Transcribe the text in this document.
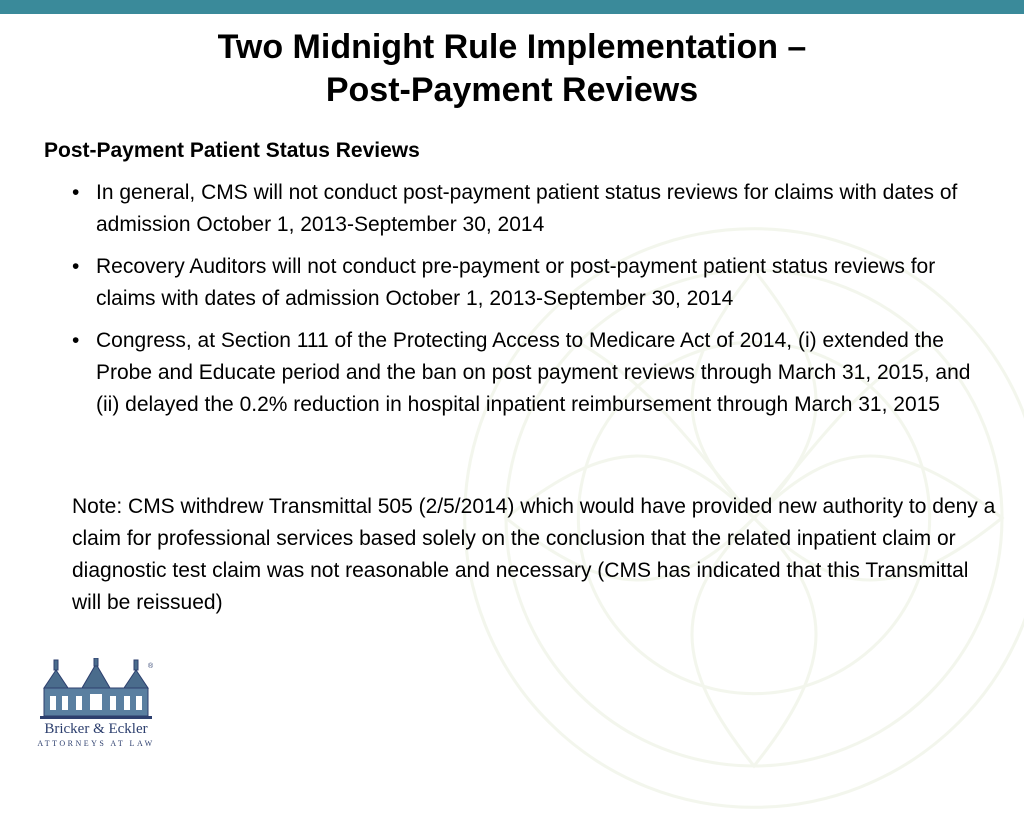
Two Midnight Rule Implementation –
Post-Payment Reviews
Post-Payment Patient Status Reviews
• In general, CMS will not conduct post-payment patient status reviews for claims with dates of admission October 1, 2013-September 30, 2014
• Recovery Auditors will not conduct pre-payment or post-payment patient status reviews for claims with dates of admission October 1, 2013-September 30, 2014
• Congress, at Section 111 of the Protecting Access to Medicare Act of 2014, (i) extended the Probe and Educate period and the ban on post payment reviews through March 31, 2015, and (ii) delayed the 0.2% reduction in hospital inpatient reimbursement through March 31, 2015
Note: CMS withdrew Transmittal 505 (2/5/2014) which would have provided new authority to deny a claim for professional services based solely on the conclusion that the related inpatient claim or diagnostic test claim was not reasonable and necessary (CMS has indicated that this Transmittal will be reissued)
®
Bricker & Eckler
ATTORNEYS AT LAW
